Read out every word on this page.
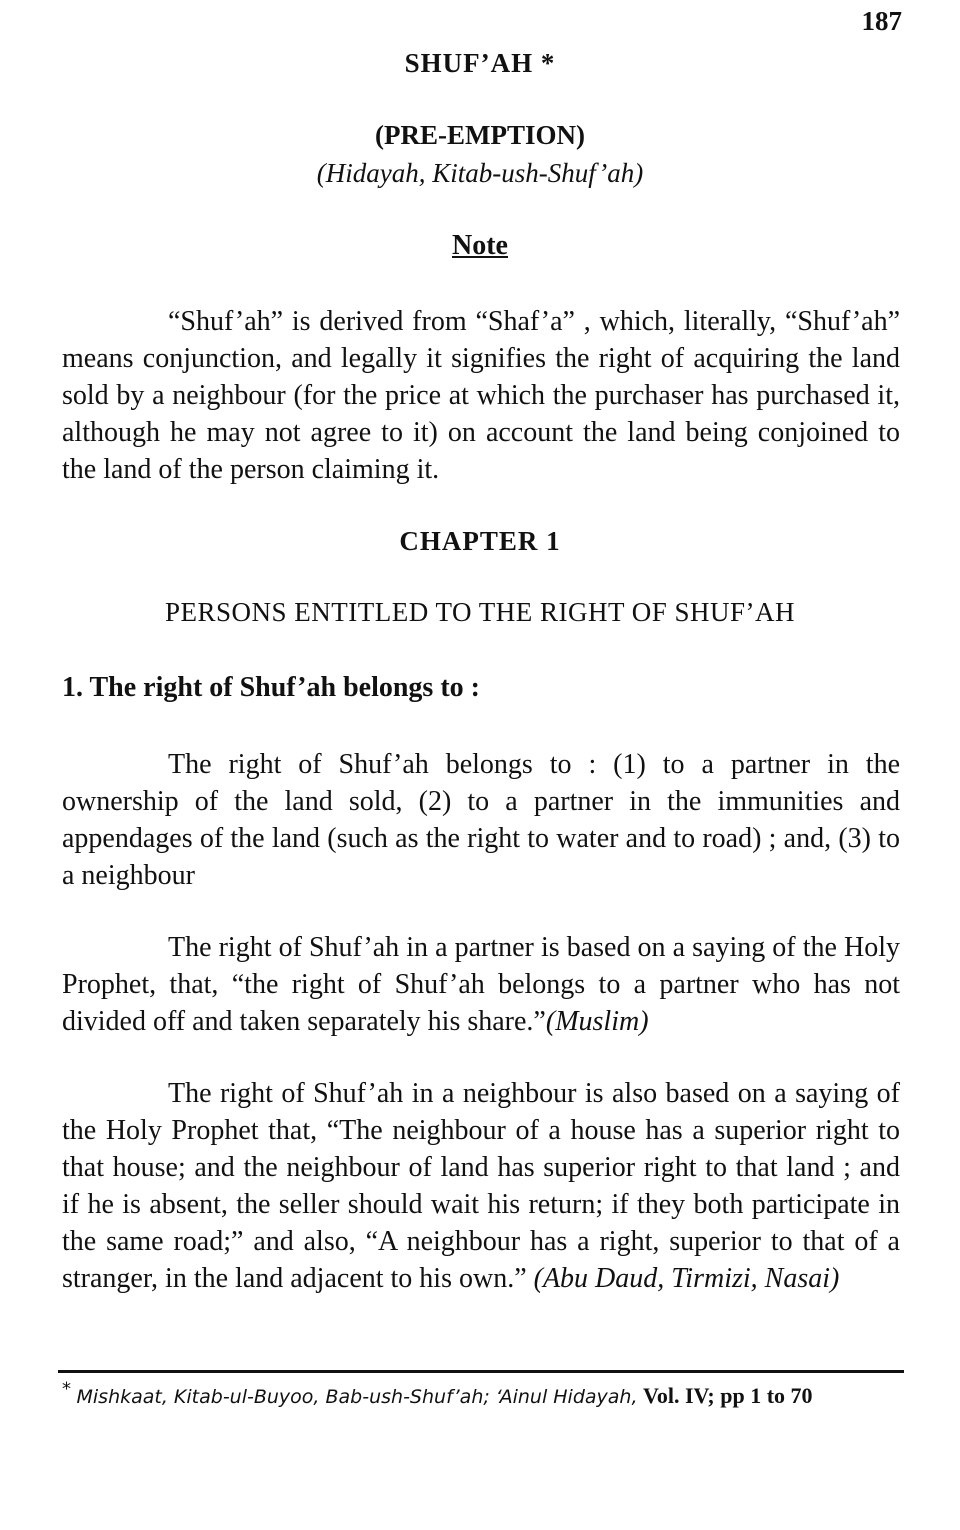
187
SHUF’AH *
(PRE-EMPTION)
(Hidayah, Kitab-ush-Shuf’ah)
Note

“Shuf’ah” is derived from “Shaf’a” , which, literally, “Shuf’ah” means conjunction, and legally it signifies the right of acquiring the land sold by a neighbour (for the price at which the purchaser has purchased it, although he may not agree to it) on account the land being conjoined to the land of the person claiming it.

CHAPTER 1
PERSONS ENTITLED TO THE RIGHT OF SHUF’AH
1. The right of Shuf’ah belongs to :

The right of Shuf’ah belongs to : (1) to a partner in the ownership of the land sold, (2) to a partner in the immunities and appendages of the land (such as the right to water and to road) ; and, (3) to a neighbour

The right of Shuf’ah in a partner is based on a saying of the Holy Prophet, that, “the right of Shuf’ah belongs to a partner who has not divided off and taken separately his share.”(Muslim)

The right of Shuf’ah in a neighbour is also based on a saying of the Holy Prophet that, “The neighbour of a house has a superior right to that house; and the neighbour of land has superior right to that land ; and if he is absent, the seller should wait his return; if they both participate in the same road;” and also, “A neighbour has a right, superior to that of a stranger, in the land adjacent to his own.” (Abu Daud, Tirmizi, Nasai)

* Mishkaat, Kitab-ul-Buyoo, Bab-ush-Shuf’ah; ‘Ainul Hidayah, Vol. IV; pp 1 to 70
